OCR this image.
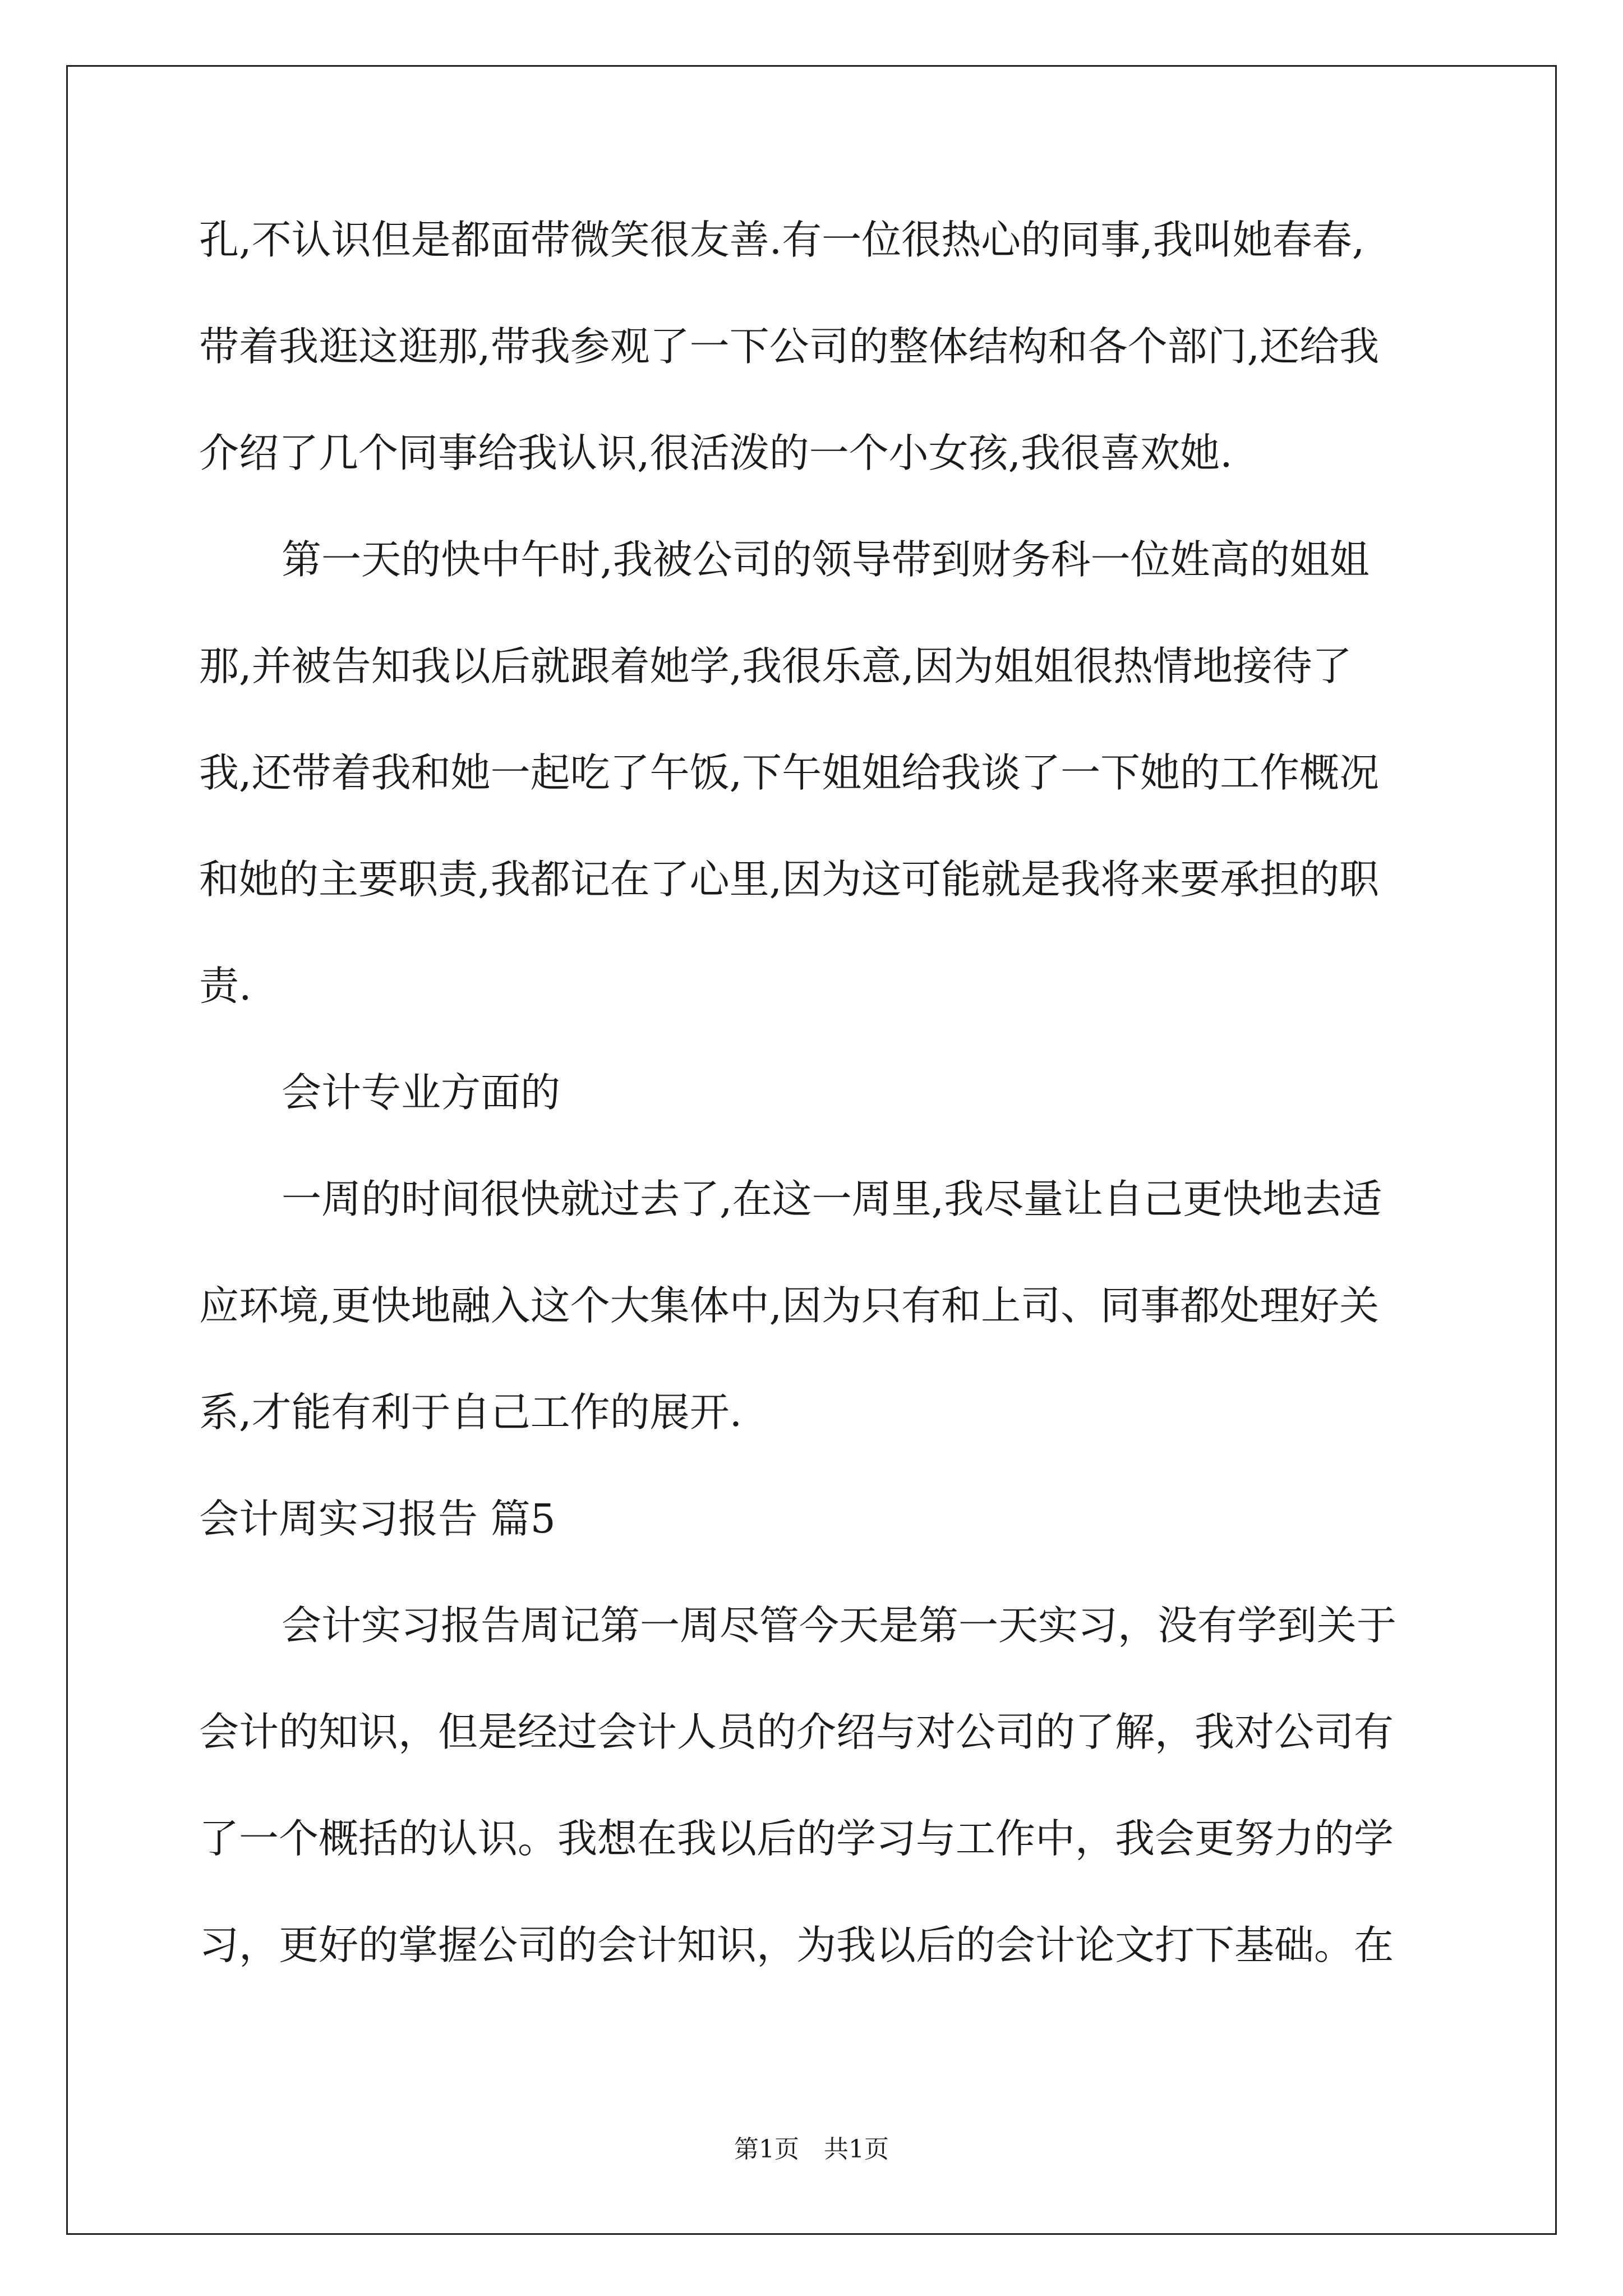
孔,不认识但是都面带微笑很友善.有一位很热心的同事,我叫她春春,
带着我逛这逛那,带我参观了一下公司的整体结构和各个部门,还给我
介绍了几个同事给我认识,很活泼的一个小女孩,我很喜欢她.
第一天的快中午时,我被公司的领导带到财务科一位姓高的姐姐
那,并被告知我以后就跟着她学,我很乐意,因为姐姐很热情地接待了
我,还带着我和她一起吃了午饭,下午姐姐给我谈了一下她的工作概况
和她的主要职责,我都记在了心里,因为这可能就是我将来要承担的职
责.
会计专业方面的
一周的时间很快就过去了,在这一周里,我尽量让自己更快地去适
应环境,更快地融入这个大集体中,因为只有和上司、同事都处理好关
系,才能有利于自己工作的展开.
会计周实习报告 篇5
会计实习报告周记第一周尽管今天是第一天实习，没有学到关于
会计的知识，但是经过会计人员的介绍与对公司的了解，我对公司有
了一个概括的认识。我想在我以后的学习与工作中，我会更努力的学
习，更好的掌握公司的会计知识，为我以后的会计论文打下基础。在
第1页　共1页
